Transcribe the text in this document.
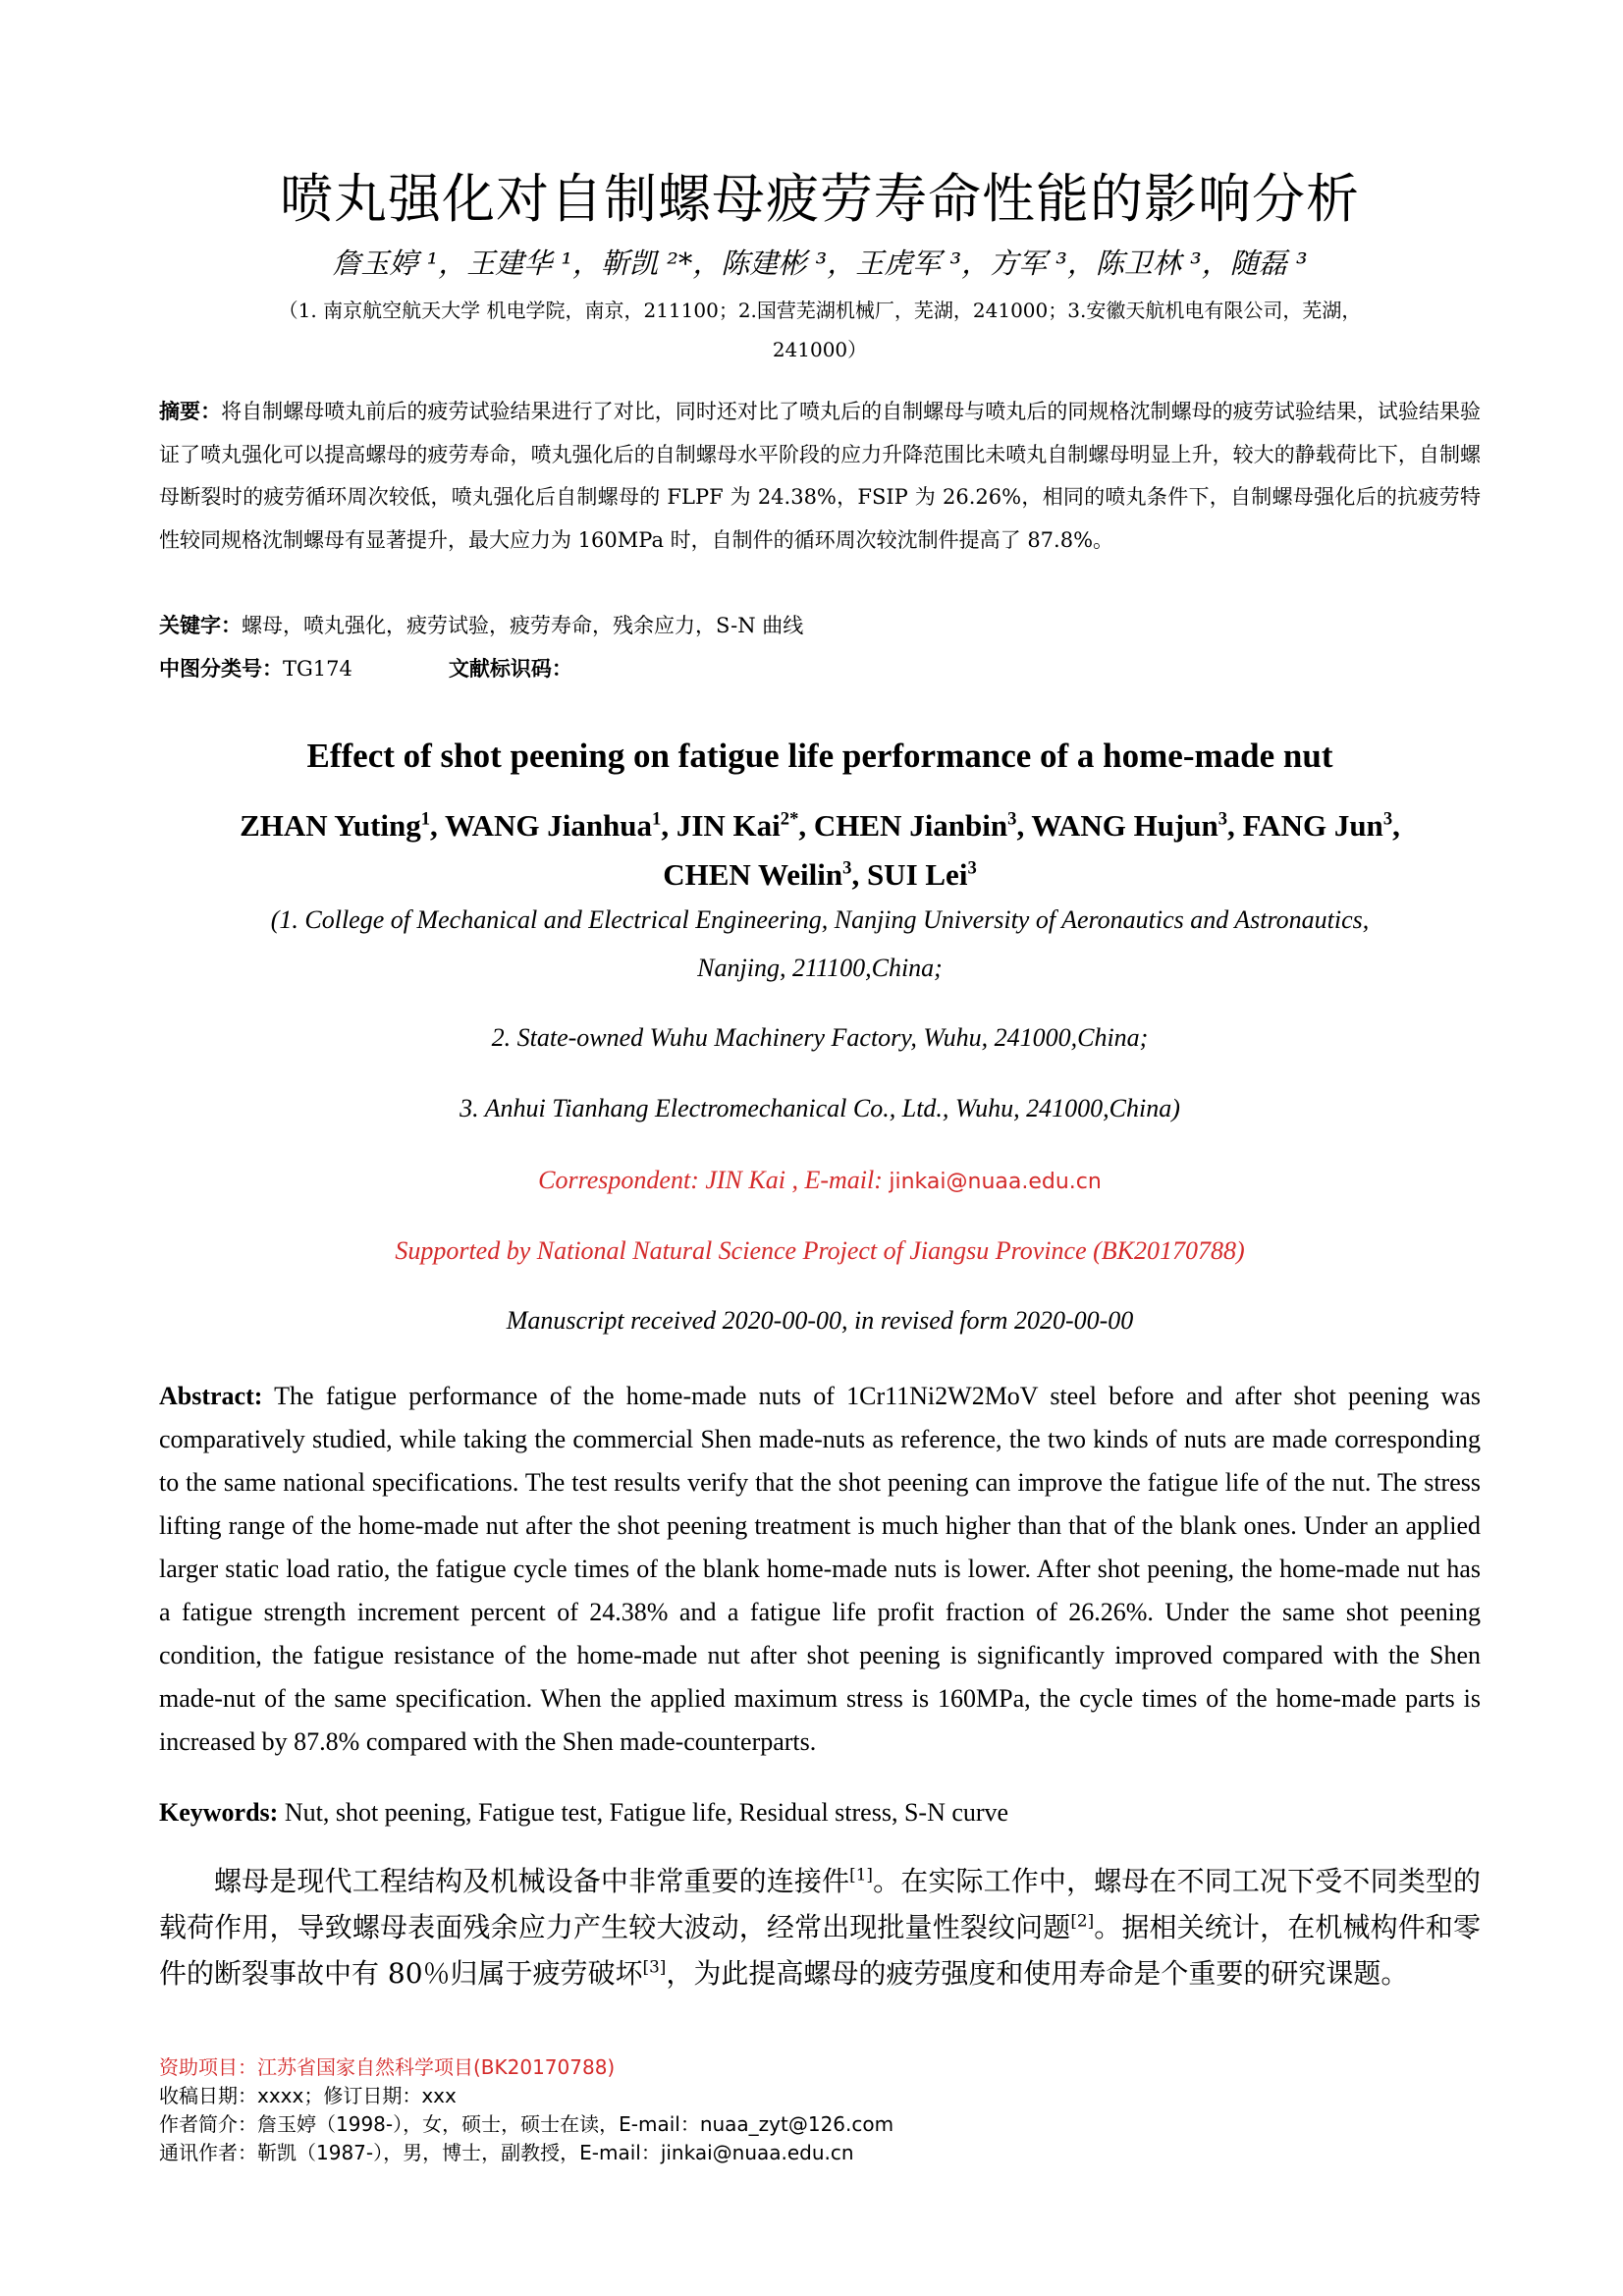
喷丸强化对自制螺母疲劳寿命性能的影响分析
詹玉婷 ¹，王建华 ¹，靳凯 ²*，陈建彬 ³，王虎军 ³，方军 ³，陈卫林 ³，随磊 ³
（1. 南京航空航天大学 机电学院，南京，211100；2.国营芜湖机械厂，芜湖，241000；3.安徽天航机电有限公司，芜湖，
241000）
摘要：将自制螺母喷丸前后的疲劳试验结果进行了对比，同时还对比了喷丸后的自制螺母与喷丸后的同规格沈制螺母的疲劳试验结果，试验结果验证了喷丸强化可以提高螺母的疲劳寿命，喷丸强化后的自制螺母水平阶段的应力升降范围比未喷丸自制螺母明显上升，较大的静载荷比下，自制螺母断裂时的疲劳循环周次较低，喷丸强化后自制螺母的 FLPF 为 24.38%，FSIP 为 26.26%，相同的喷丸条件下，自制螺母强化后的抗疲劳特性较同规格沈制螺母有显著提升，最大应力为 160MPa 时，自制件的循环周次较沈制件提高了 87.8%。
关键字：螺母，喷丸强化，疲劳试验，疲劳寿命，残余应力，S-N 曲线
中图分类号：TG174	文献标识码：
Effect of shot peening on fatigue life performance of a home-made nut
ZHAN Yuting$^1$, WANG Jianhua$^1$, JIN Kai$^{2*}$, CHEN Jianbin$^3$, WANG Hujun$^3$, FANG Jun$^3$,
CHEN Weilin$^3$, SUI Lei$^3$
(1. College of Mechanical and Electrical Engineering, Nanjing University of Aeronautics and Astronautics,
Nanjing, 211100,China;
2. State-owned Wuhu Machinery Factory, Wuhu, 241000,China;
3. Anhui Tianhang Electromechanical Co., Ltd., Wuhu, 241000,China)
Correspondent: JIN Kai , E-mail: jinkai@nuaa.edu.cn
Supported by National Natural Science Project of Jiangsu Province (BK20170788)
Manuscript received 2020-00-00, in revised form 2020-00-00
Abstract: The fatigue performance of the home-made nuts of 1Cr11Ni2W2MoV steel before and after shot peening was comparatively studied, while taking the commercial Shen made-nuts as reference, the two kinds of nuts are made corresponding to the same national specifications. The test results verify that the shot peening can improve the fatigue life of the nut. The stress lifting range of the home-made nut after the shot peening treatment is much higher than that of the blank ones. Under an applied larger static load ratio, the fatigue cycle times of the blank home-made nuts is lower. After shot peening, the home-made nut has a fatigue strength increment percent of 24.38% and a fatigue life profit fraction of 26.26%. Under the same shot peening condition, the fatigue resistance of the home-made nut after shot peening is significantly improved compared with the Shen made-nut of the same specification. When the applied maximum stress is 160MPa, the cycle times of the home-made parts is increased by 87.8% compared with the Shen made-counterparts.
Keywords: Nut, shot peening, Fatigue test, Fatigue life, Residual stress, S-N curve
螺母是现代工程结构及机械设备中非常重要的连接件[1]。在实际工作中，螺母在不同工况下受不同类型的载荷作用，导致螺母表面残余应力产生较大波动，经常出现批量性裂纹问题[2]。据相关统计，在机械构件和零件的断裂事故中有 80％归属于疲劳破坏[3]，为此提高螺母的疲劳强度和使用寿命是个重要的研究课题。
资助项目：江苏省国家自然科学项目(BK20170788)
收稿日期：xxxx；修订日期：xxx
作者简介：詹玉婷（1998-），女，硕士，硕士在读，E-mail：nuaa_zyt@126.com
通讯作者：靳凯（1987-），男，博士，副教授，E-mail：jinkai@nuaa.edu.cn
